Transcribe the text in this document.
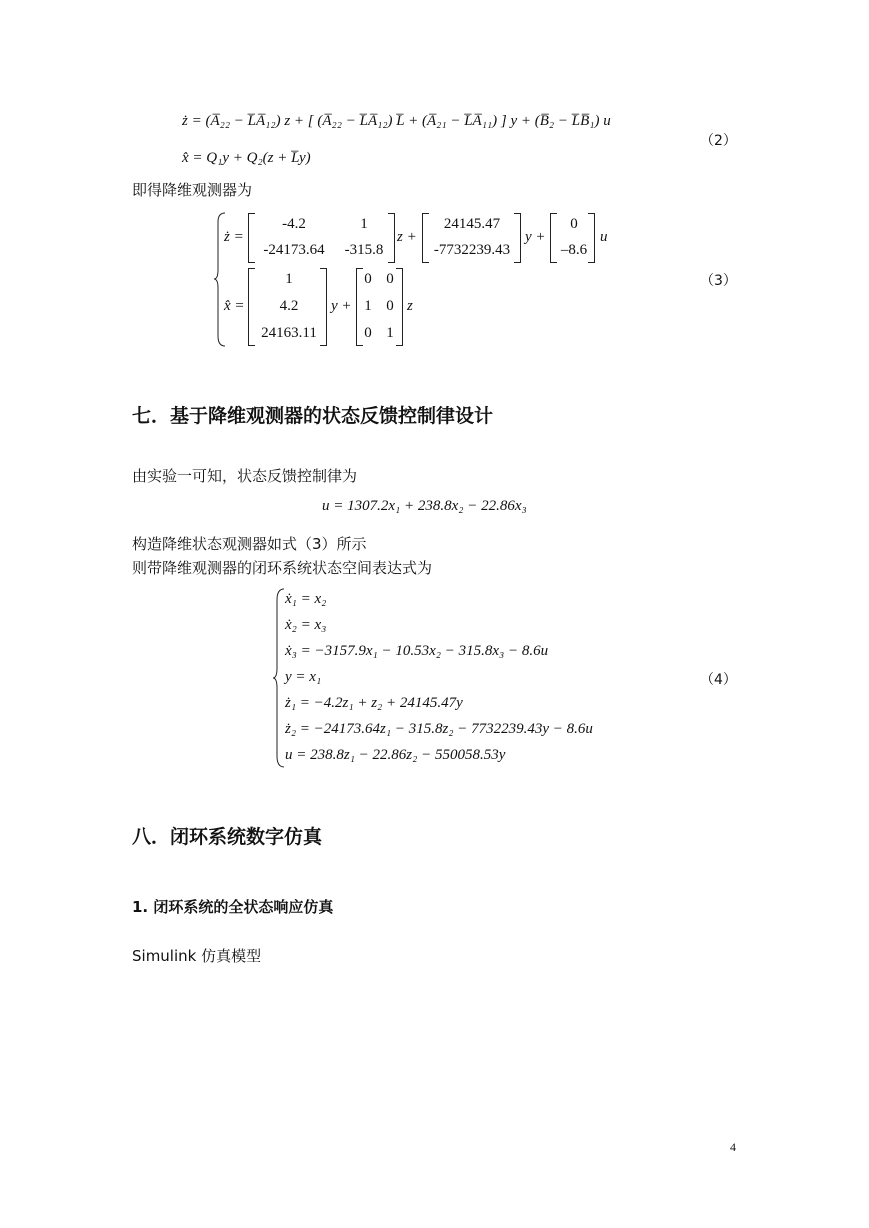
ż = (A̅₂₂ − L̅A̅₁₂) z + [ (A̅₂₂ − L̅A̅₁₂) L̅ + (A̅₂₁ − L̅A̅₁₁) ] y + (B̅₂ − L̅B̅₁) u
x̂ = Q₁y + Q₂(z + L̅y)
（2）
即得降维观测器为
ż =
-4.2	1
-24173.64	-315.8
z +
24145.47
-7732239.43
y +
0
–8.6
u
x̂ =
1
4.2
24163.11
y +
0 0
1 0
0 1
z
（3）
七．基于降维观测器的状态反馈控制律设计
由实验一可知，状态反馈控制律为
u = 1307.2x₁ + 238.8x₂ − 22.86x₃
构造降维状态观测器如式（3）所示
则带降维观测器的闭环系统状态空间表达式为
ẋ₁ = x₂
ẋ₂ = x₃
ẋ₃ = −3157.9x₁ − 10.53x₂ − 315.8x₃ − 8.6u
y = x₁
ż₁ = −4.2z₁ + z₂ + 24145.47y
ż₂ = −24173.64z₁ − 315.8z₂ − 7732239.43y − 8.6u
u = 238.8z₁ − 22.86z₂ − 550058.53y
（4）
八．闭环系统数字仿真
1. 闭环系统的全状态响应仿真
Simulink 仿真模型
4
